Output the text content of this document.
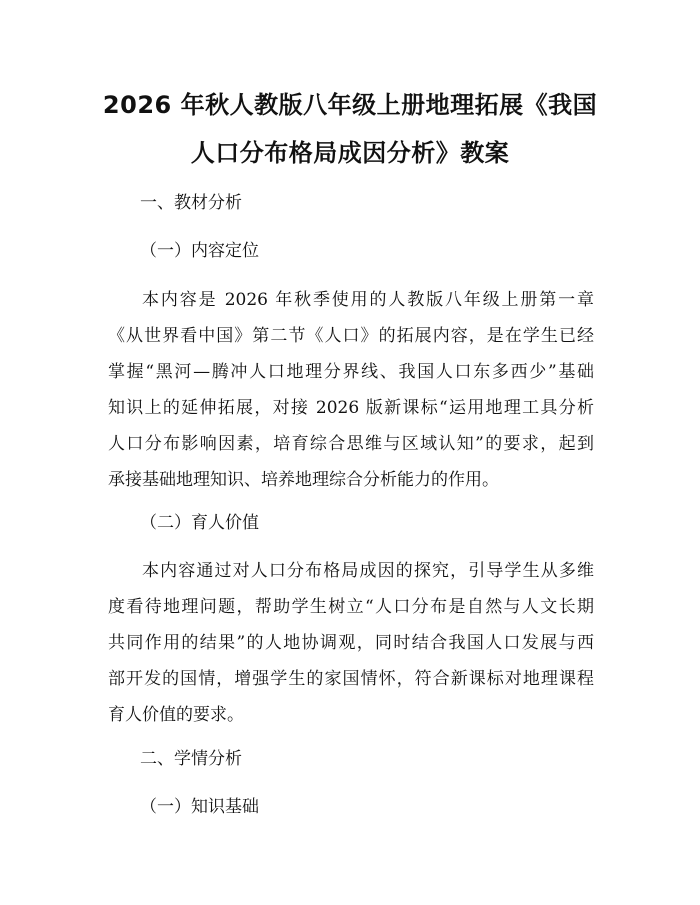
2026 年秋人教版八年级上册地理拓展《我国
人口分布格局成因分析》教案
一、教材分析
（一）内容定位
本内容是 2026 年秋季使用的人教版八年级上册第一章
《从世界看中国》第二节《人口》的拓展内容，是在学生已经
掌握“黑河—腾冲人口地理分界线、我国人口东多西少”基础
知识上的延伸拓展，对接 2026 版新课标“运用地理工具分析
人口分布影响因素，培育综合思维与区域认知”的要求，起到
承接基础地理知识、培养地理综合分析能力的作用。
（二）育人价值
本内容通过对人口分布格局成因的探究，引导学生从多维
度看待地理问题，帮助学生树立“人口分布是自然与人文长期
共同作用的结果”的人地协调观，同时结合我国人口发展与西
部开发的国情，增强学生的家国情怀，符合新课标对地理课程
育人价值的要求。
二、学情分析
（一）知识基础
